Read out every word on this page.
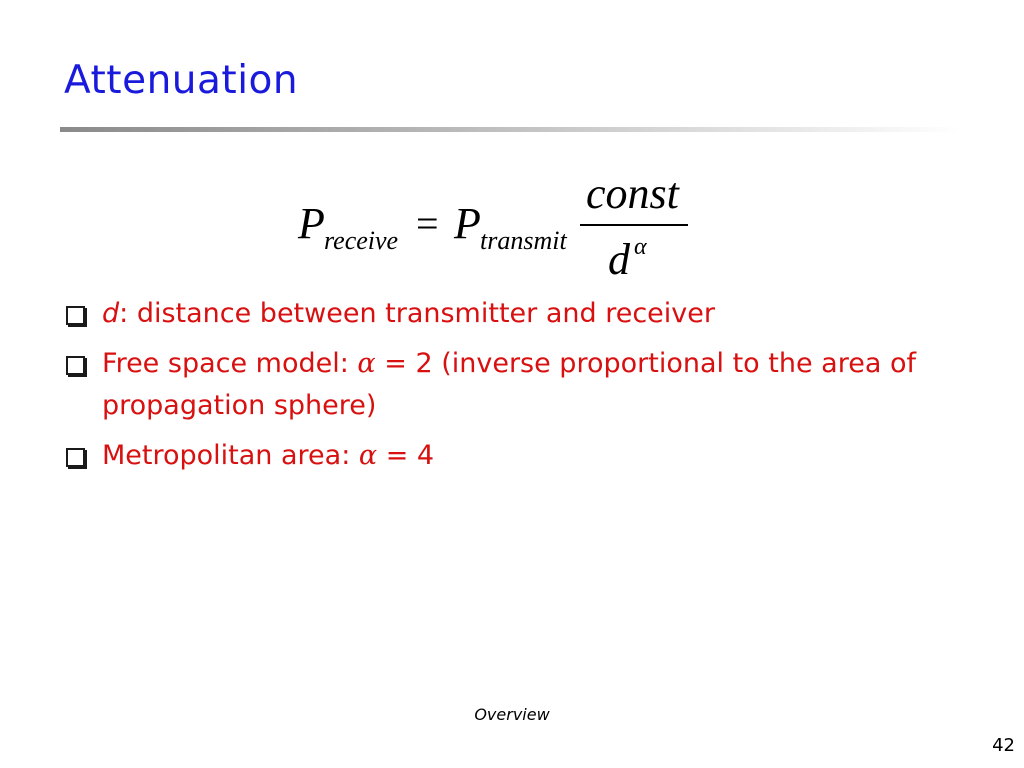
Attenuation
P receive = P transmit
const
d α
d: distance between transmitter and receiver
Free space model: α = 2 (inverse proportional to the area of propagation sphere)
Metropolitan area: α = 4
Overview
42
